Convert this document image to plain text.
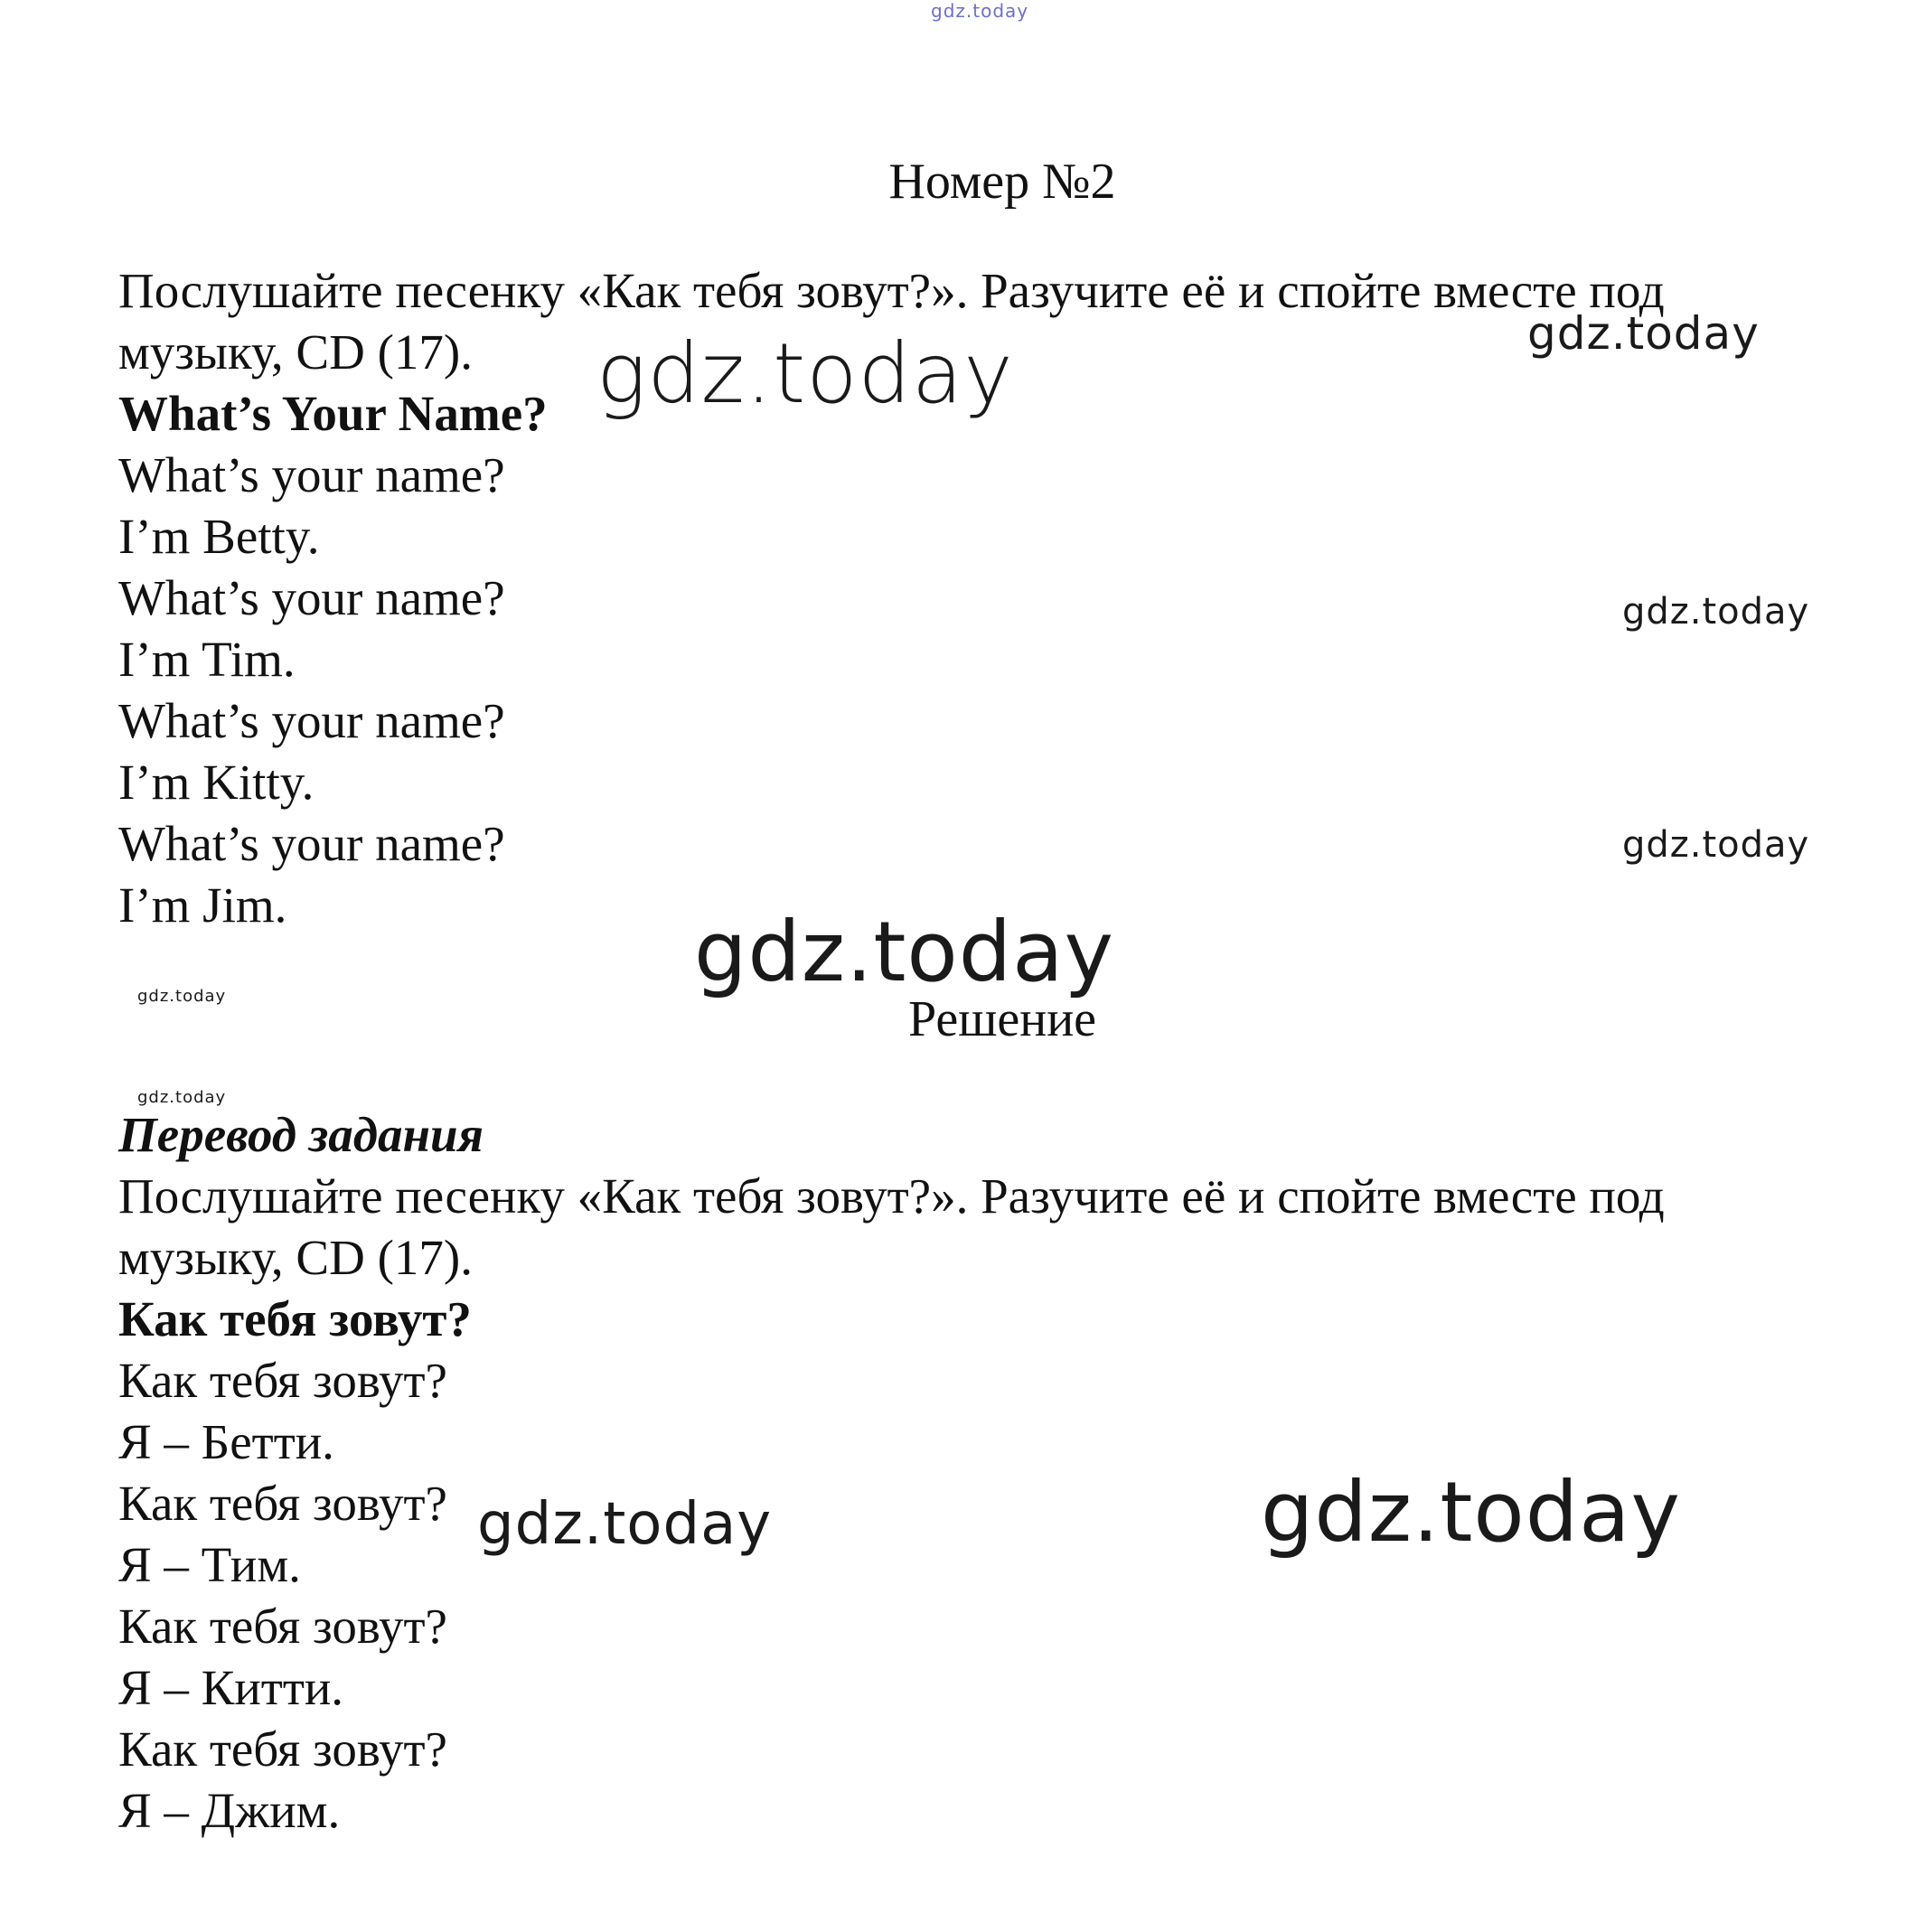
gdz.today
Номер №2
Послушайте песенку «Как тебя зовут?». Разучите её и спойте вместе под
музыку, CD (17).
What’s Your Name?
What’s your name?
I’m Betty.
What’s your name?
I’m Tim.
What’s your name?
I’m Kitty.
What’s your name?
I’m Jim.
Решение
Перевод задания
Послушайте песенку «Как тебя зовут?». Разучите её и спойте вместе под
музыку, CD (17).
Как тебя зовут?
Как тебя зовут?
Я – Бетти.
Как тебя зовут?
Я – Тим.
Как тебя зовут?
Я – Китти.
Как тебя зовут?
Я – Джим.
gdz.today	gdz.today
gdz.today
gdz.today
gdz.today
gdz.today
gdz.today
gdz.today	gdz.today
